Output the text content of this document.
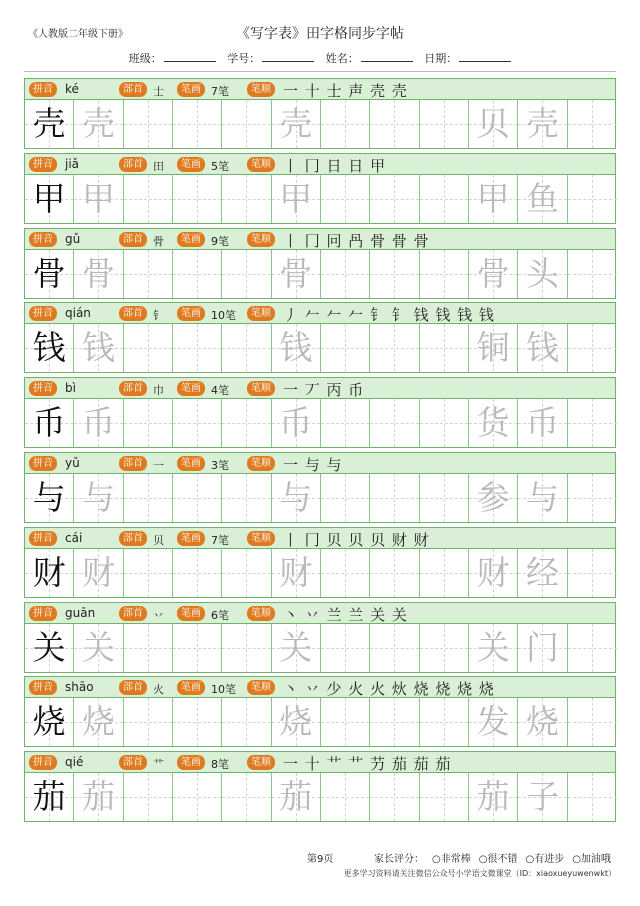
《人教版二年级下册》	《写字表》田字格同步字帖
班级：	学号：	姓名：	日期：
拼音	ké	部首 士	笔画 7笔	笔顺 一 十 士 声 壳 壳
壳 壳	壳	贝 壳
拼音	jiǎ	部首 田	笔画 5笔	笔顺 丨 冂 日 日 甲
甲 甲	甲	甲 鱼
拼音	gǔ	部首 骨	笔画 9笔	笔顺 丨 冂 冋 冎 骨 骨 骨
骨 骨	骨	骨 头
拼音	qián	部首 钅	笔画 10笔	笔顺 丿 𠂉 𠂉 𠂉 钅 钅 钱 钱 钱 钱
钱 钱	钱	铜 钱
拼音	bì	部首 巾	笔画 4笔	笔顺 一 丆 丙 币
币 币	币	货 币
拼音	yǔ	部首 一	笔画 3笔	笔顺 一 与 与
与 与	与	参 与
拼音	cái	部首 贝	笔画 7笔	笔顺 丨 冂 贝 贝 贝 财 财
财 财	财	财 经
拼音	guān	部首 丷	笔画 6笔	笔顺 丶 丷 兰 兰 关 关
关 关	关	关 门
拼音	shāo	部首 火	笔画 10笔	笔顺 丶 丷 少 火 火 炏 烧 烧 烧 烧
烧 烧	烧	发 烧
拼音	qié	部首 艹	笔画 8笔	笔顺 一 十 艹 艹 芀 茄 茄 茄
茄 茄	茄	茄 子
第9页	家长评分： ○非常棒 ○很不错 ○有进步 ○加油哦
更多学习资料请关注微信公众号小学语文微课堂（ID：xiaoxueyuwenwkt）
